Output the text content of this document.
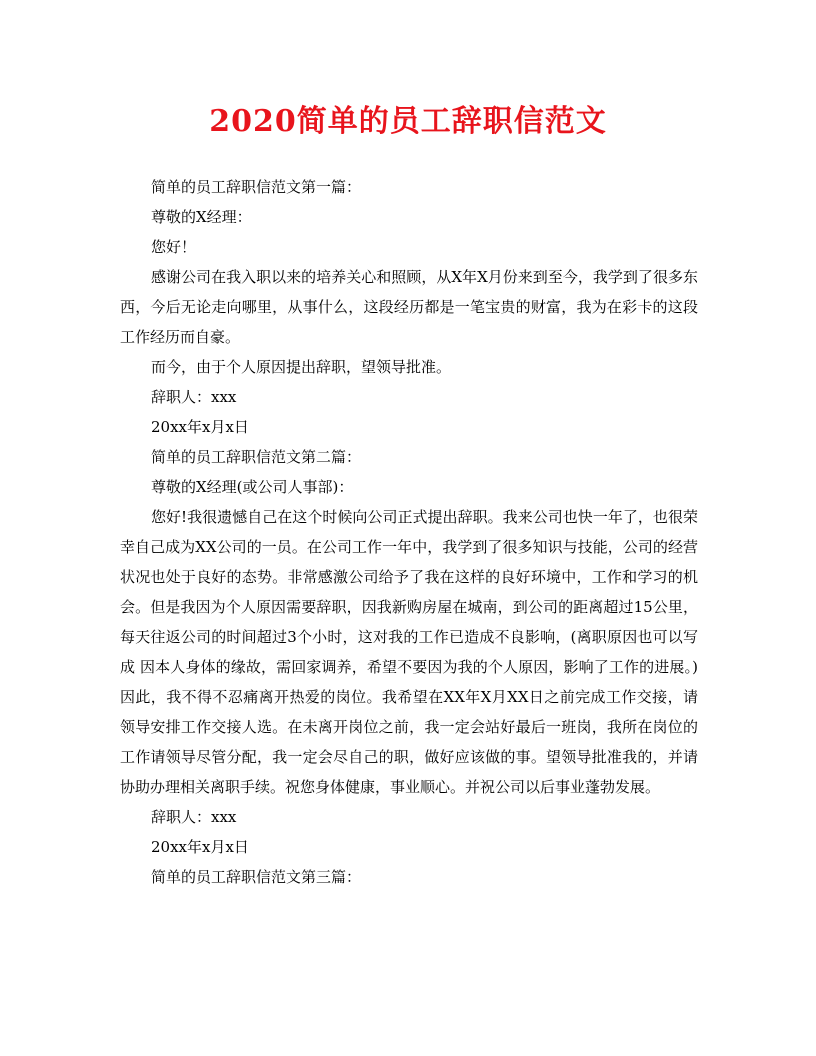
2020简单的员工辞职信范文

简单的员工辞职信范文第一篇：

尊敬的X经理：

您好！

感谢公司在我入职以来的培养关心和照顾，从X年X月份来到至今，我学到了很多东西，今后无论走向哪里，从事什么，这段经历都是一笔宝贵的财富，我为在彩卡的这段工作经历而自豪。

而今，由于个人原因提出辞职，望领导批准。

辞职人：xxx

20xx年x月x日

简单的员工辞职信范文第二篇：

尊敬的X经理(或公司人事部)：

您好!我很遗憾自己在这个时候向公司正式提出辞职。我来公司也快一年了，也很荣幸自己成为XX公司的一员。在公司工作一年中，我学到了很多知识与技能，公司的经营状况也处于良好的态势。非常感激公司给予了我在这样的良好环境中，工作和学习的机会。但是我因为个人原因需要辞职，因我新购房屋在城南，到公司的距离超过15公里，每天往返公司的时间超过3个小时，这对我的工作已造成不良影响，(离职原因也可以写成 因本人身体的缘故，需回家调养，希望不要因为我的个人原因，影响了工作的进展。)因此，我不得不忍痛离开热爱的岗位。我希望在XX年X月XX日之前完成工作交接，请领导安排工作交接人选。在未离开岗位之前，我一定会站好最后一班岗，我所在岗位的工作请领导尽管分配，我一定会尽自己的职，做好应该做的事。望领导批准我的，并请协助办理相关离职手续。祝您身体健康，事业顺心。并祝公司以后事业蓬勃发展。

辞职人：xxx

20xx年x月x日

简单的员工辞职信范文第三篇：
